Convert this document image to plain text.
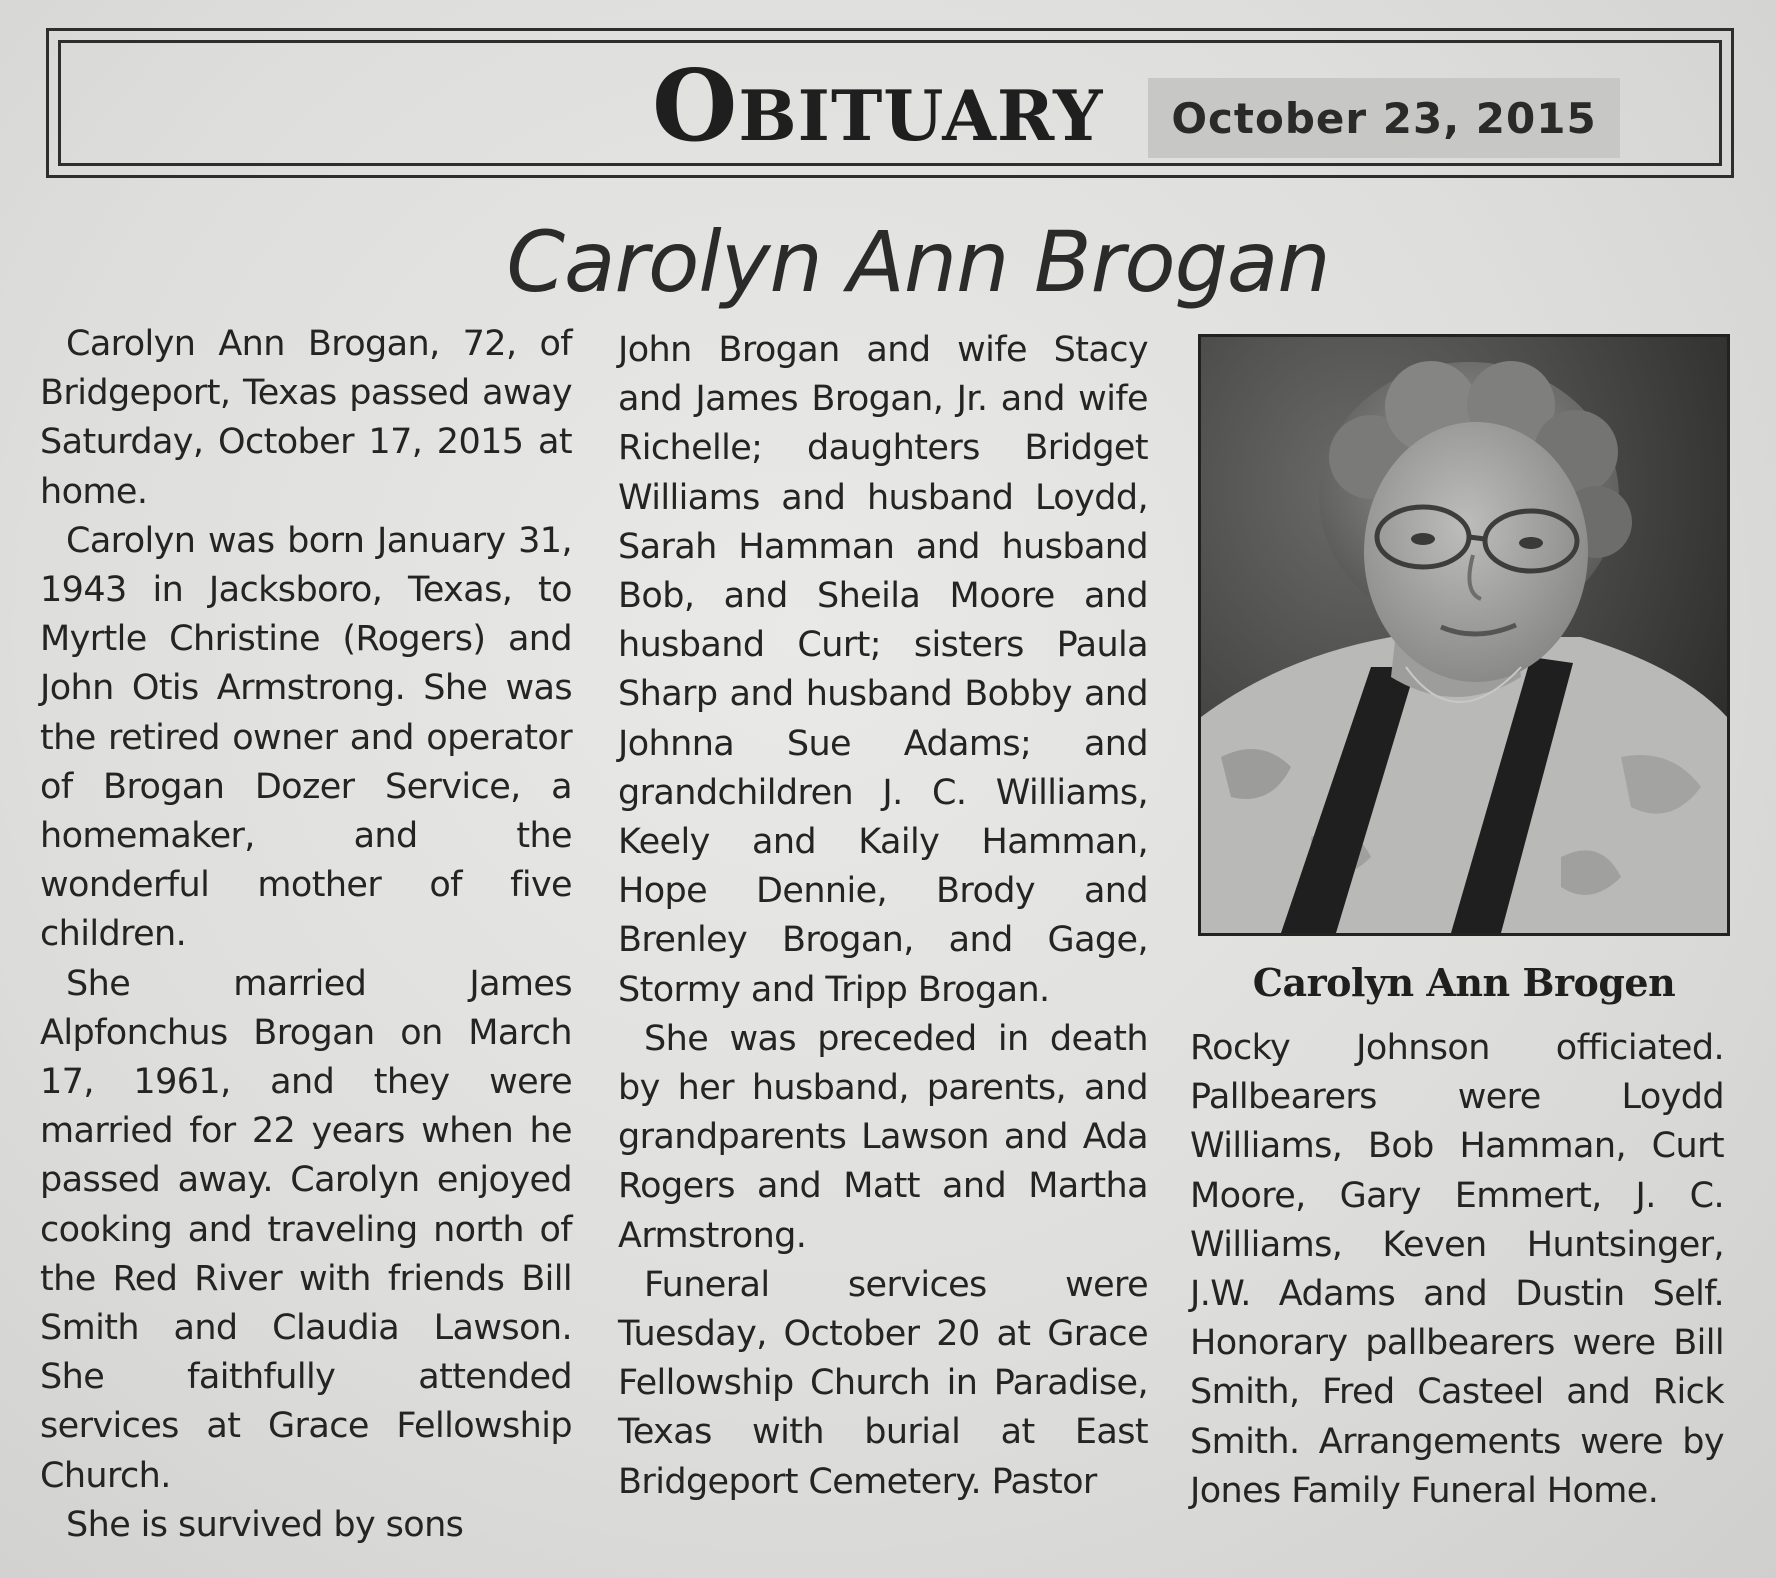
Obituary	October 23, 2015
Carolyn Ann Brogan

Carolyn Ann Brogan, 72, of Bridgeport, Texas passed away Saturday, October 17, 2015 at home.

Carolyn was born January 31, 1943 in Jacksboro, Texas, to Myrtle Christine (Rogers) and John Otis Armstrong. She was the retired owner and operator of Brogan Dozer Service, a homemaker, and the wonderful mother of five children.

She married James Alpfonchus Brogan on March 17, 1961, and they were married for 22 years when he passed away. Carolyn enjoyed cooking and traveling north of the Red River with friends Bill Smith and Claudia Lawson. She faithfully attended services at Grace Fellowship Church.

She is survived by sons

John Brogan and wife Stacy and James Brogan, Jr. and wife Richelle; daughters Bridget Williams and husband Loydd, Sarah Hamman and husband Bob, and Sheila Moore and husband Curt; sisters Paula Sharp and husband Bobby and Johnna Sue Adams; and grandchildren J. C. Williams, Keely and Kaily Hamman, Hope Dennie, Brody and Brenley Brogan, and Gage, Stormy and Tripp Brogan.

She was preceded in death by her husband, parents, and grandparents Lawson and Ada Rogers and Matt and Martha Armstrong.

Funeral services were Tuesday, October 20 at Grace Fellowship Church in Paradise, Texas with burial at East Bridgeport Cemetery. Pastor

Carolyn Ann Brogen

Rocky Johnson officiated. Pallbearers were Loydd Williams, Bob Hamman, Curt Moore, Gary Emmert, J. C. Williams, Keven Huntsinger, J.W. Adams and Dustin Self. Honorary pallbearers were Bill Smith, Fred Casteel and Rick Smith. Arrangements were by Jones Family Funeral Home.
